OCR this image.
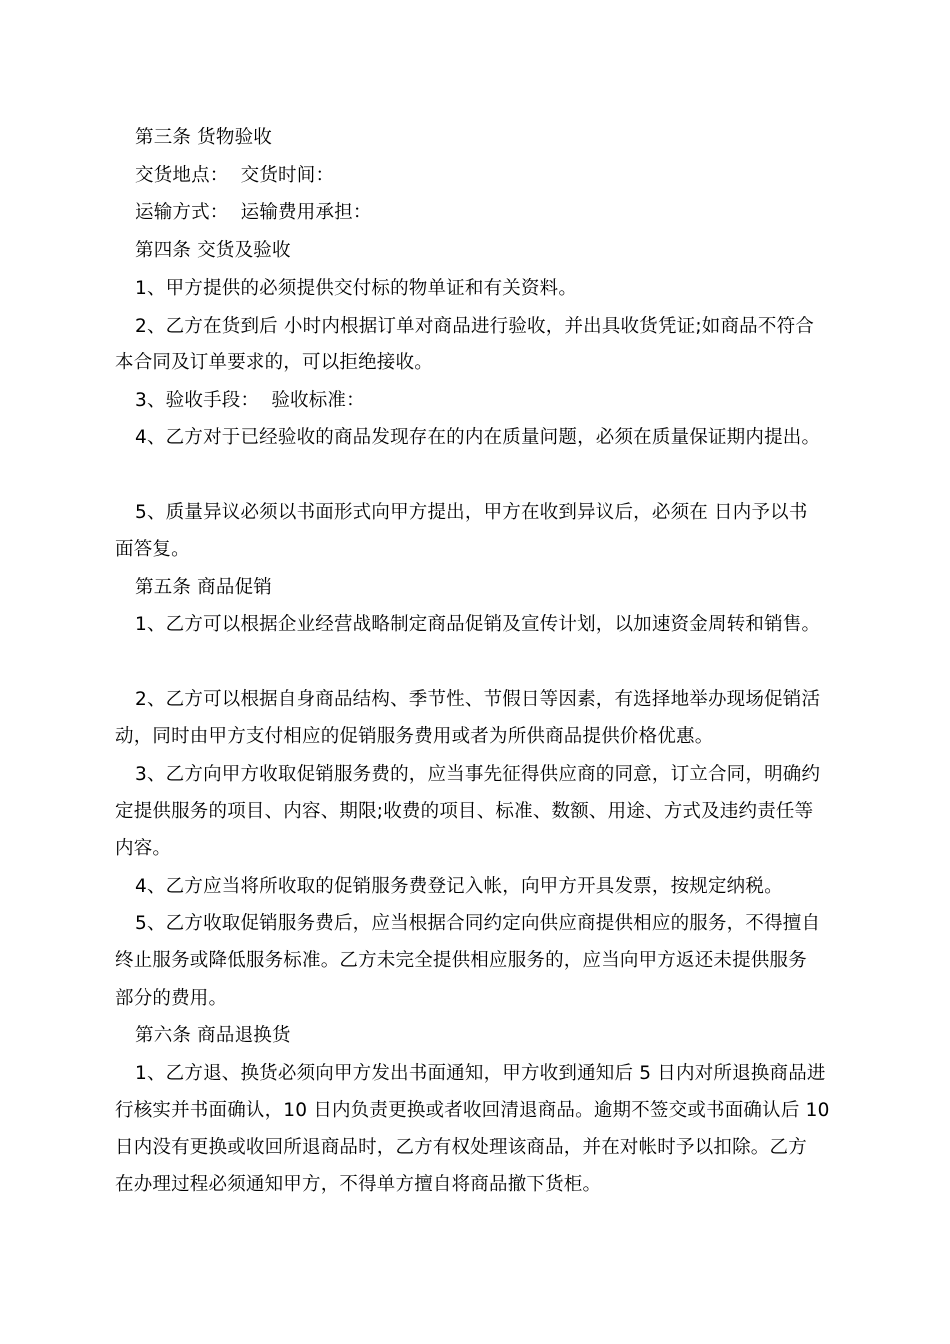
第三条 货物验收
交货地点：  交货时间：
运输方式：  运输费用承担：
第四条 交货及验收
1、甲方提供的必须提供交付标的物单证和有关资料。
2、乙方在货到后 小时内根据订单对商品进行验收，并出具收货凭证;如商品不符合
本合同及订单要求的，可以拒绝接收。
3、验收手段：  验收标准：
4、乙方对于已经验收的商品发现存在的内在质量问题，必须在质量保证期内提出。
5、质量异议必须以书面形式向甲方提出，甲方在收到异议后，必须在 日内予以书
面答复。
第五条 商品促销
1、乙方可以根据企业经营战略制定商品促销及宣传计划，以加速资金周转和销售。
2、乙方可以根据自身商品结构、季节性、节假日等因素，有选择地举办现场促销活
动，同时由甲方支付相应的促销服务费用或者为所供商品提供价格优惠。
3、乙方向甲方收取促销服务费的，应当事先征得供应商的同意，订立合同，明确约
定提供服务的项目、内容、期限;收费的项目、标准、数额、用途、方式及违约责任等
内容。
4、乙方应当将所收取的促销服务费登记入帐，向甲方开具发票，按规定纳税。
5、乙方收取促销服务费后，应当根据合同约定向供应商提供相应的服务，不得擅自
终止服务或降低服务标准。乙方未完全提供相应服务的，应当向甲方返还未提供服务
部分的费用。
第六条 商品退换货
1、乙方退、换货必须向甲方发出书面通知，甲方收到通知后 5 日内对所退换商品进
行核实并书面确认，10 日内负责更换或者收回清退商品。逾期不签交或书面确认后 10
日内没有更换或收回所退商品时，乙方有权处理该商品，并在对帐时予以扣除。乙方
在办理过程必须通知甲方，不得单方擅自将商品撤下货柜。
